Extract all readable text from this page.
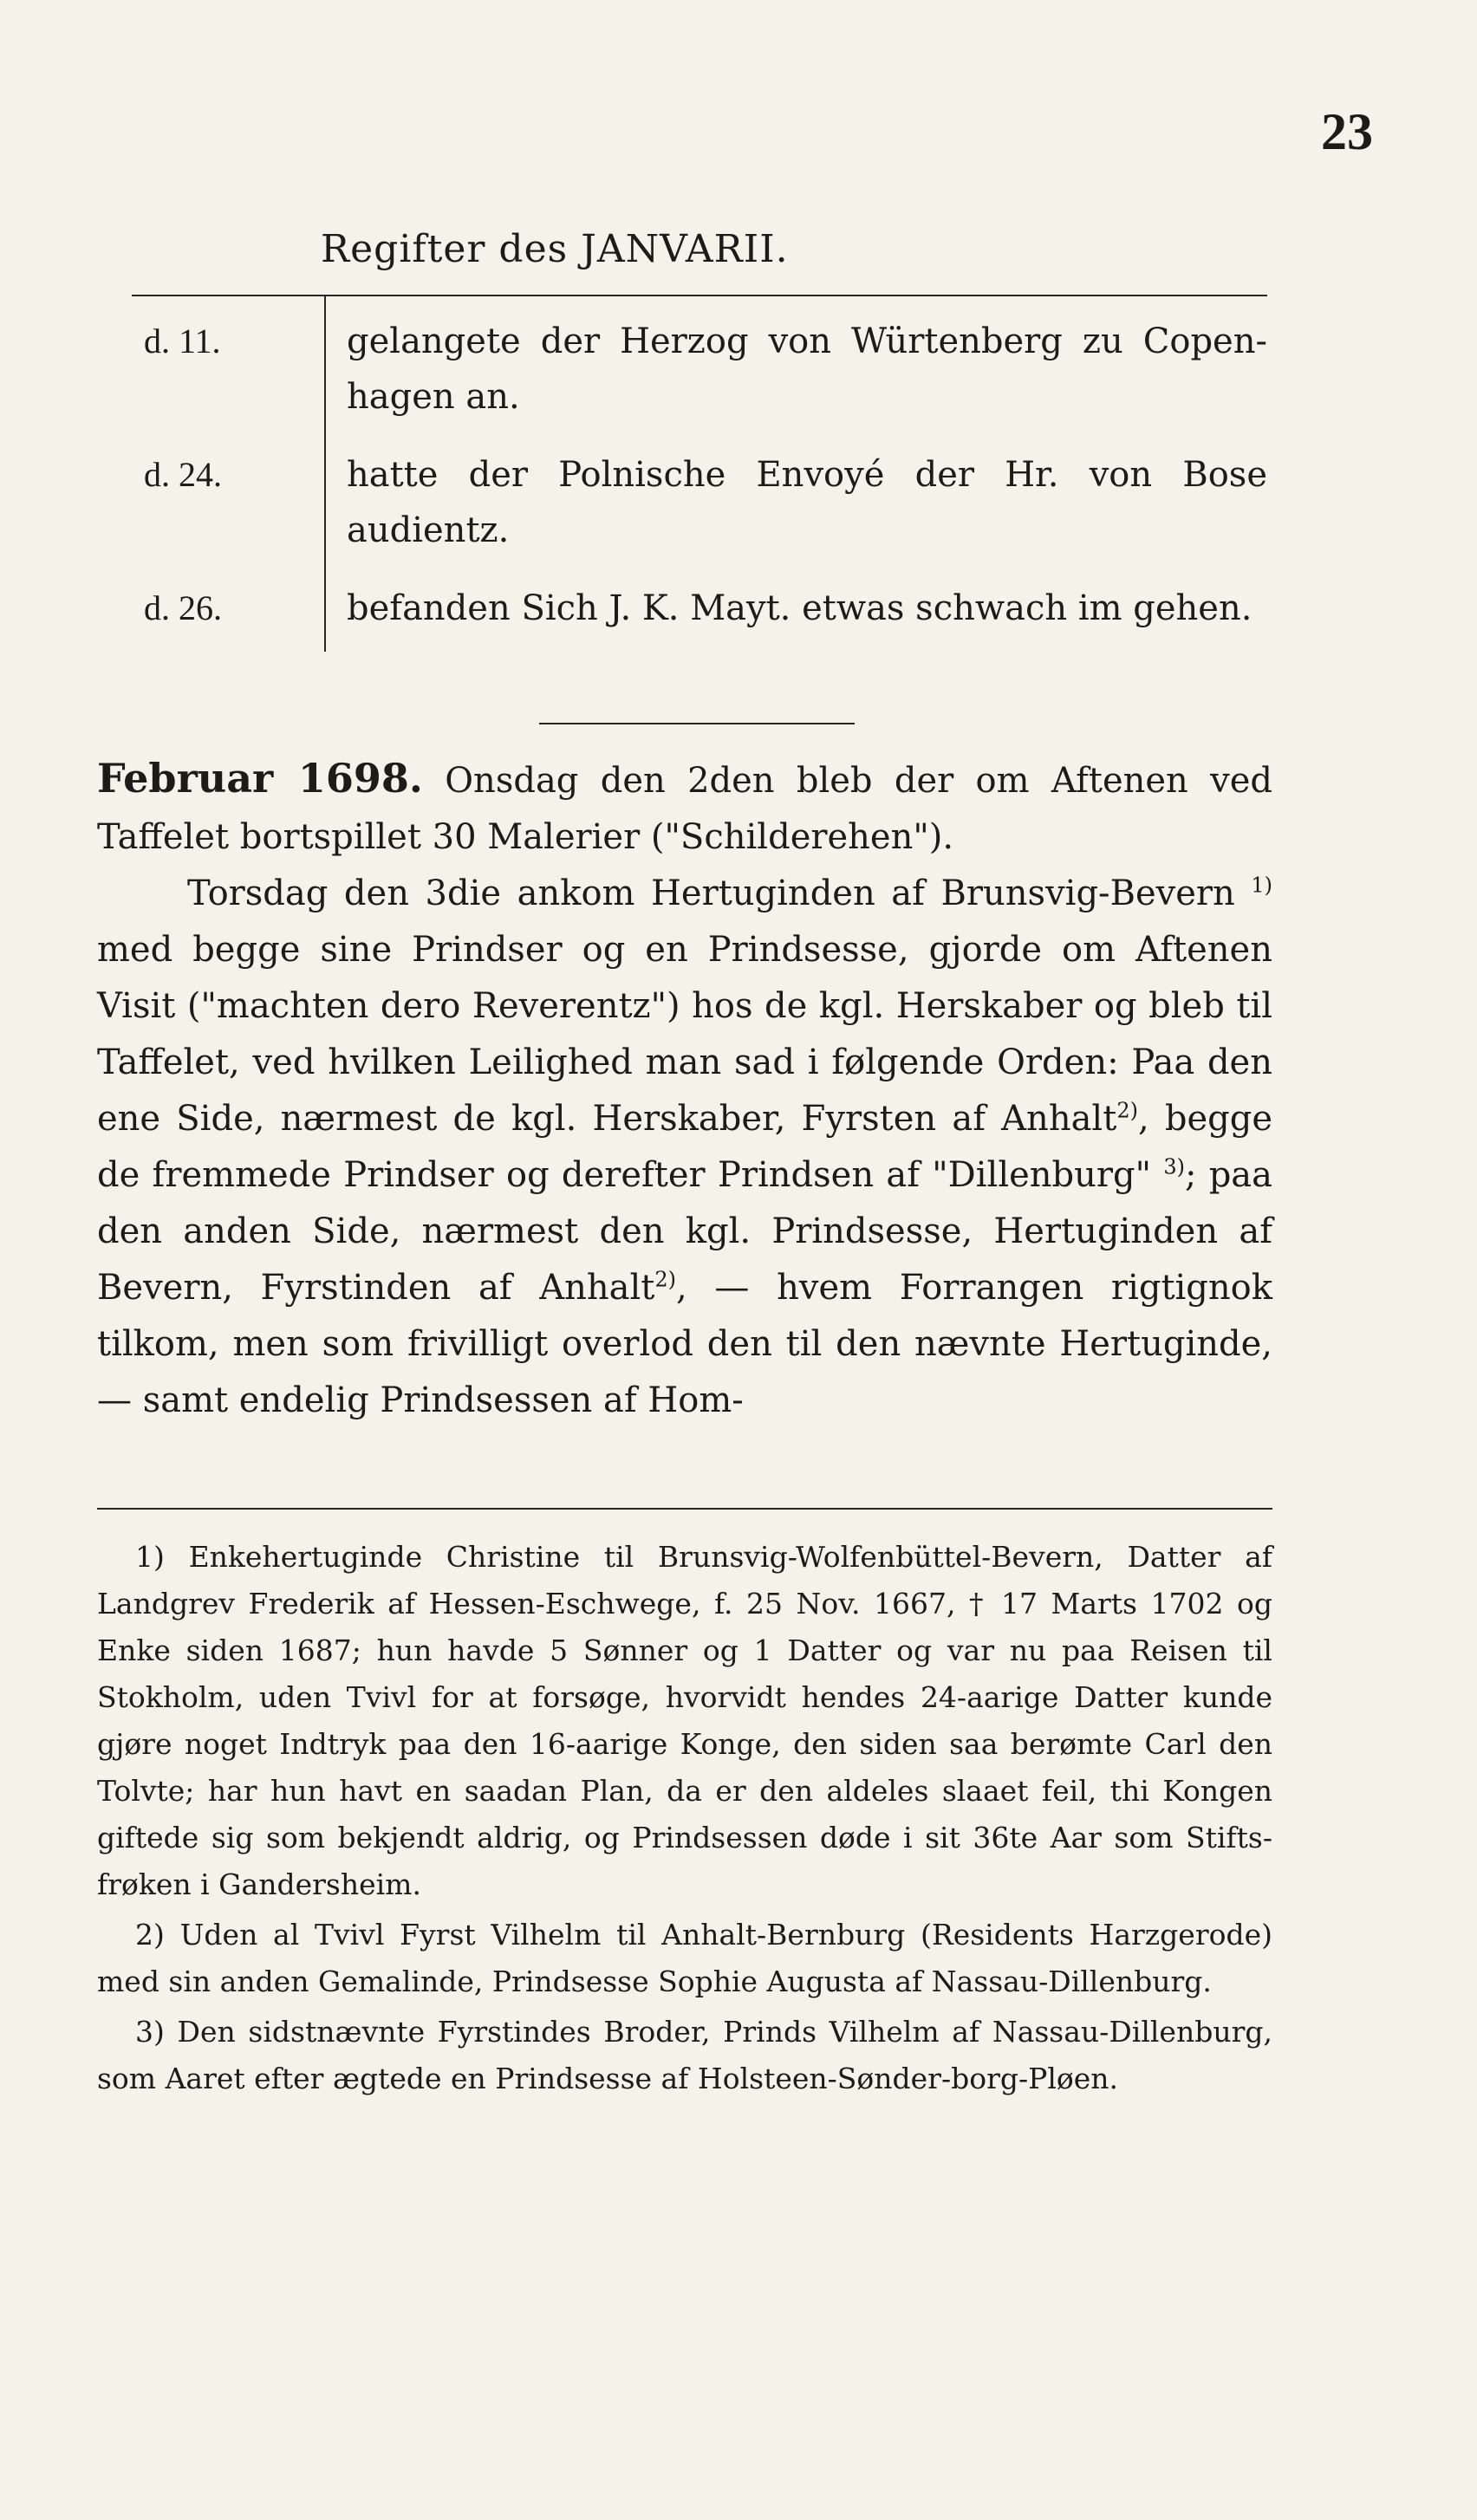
23
Regifter des JANVARII.
d. 11.	gelangete der Herzog von Würtenberg zu Copen-hagen an.
d. 24.	hatte der Polnische Envoyé der Hr. von Bose audientz.
d. 26.	befanden Sich J. K. Mayt. etwas schwach im gehen.

Februar 1698. Onsdag den 2den bleb der om Aftenen ved Taffelet bortspillet 30 Malerier ("Schilderehen").

Torsdag den 3die ankom Hertuginden af Brunsvig-Bevern $^{1)}$ med begge sine Prindser og en Prindsesse, gjorde om Aftenen Visit ("machten dero Reverentz") hos de kgl. Herskaber og bleb til Taffelet, ved hvilken Leilighed man sad i følgende Orden: Paa den ene Side, nærmest de kgl. Herskaber, Fyrsten af Anhalt$^{2)}$, begge de fremmede Prindser og derefter Prindsen af "Dillenburg" $^{3)}$; paa den anden Side, nærmest den kgl. Prindsesse, Hertuginden af Bevern, Fyrstinden af Anhalt$^{2)}$, — hvem Forrangen rigtignok tilkom, men som frivilligt overlod den til den nævnte Hertuginde, — samt endelig Prindsessen af Hom-

1) Enkehertuginde Christine til Brunsvig-Wolfenbüttel-Bevern, Datter af Landgrev Frederik af Hessen-Eschwege, f. 25 Nov. 1667, † 17 Marts 1702 og Enke siden 1687; hun havde 5 Sønner og 1 Datter og var nu paa Reisen til Stokholm, uden Tvivl for at forsøge, hvorvidt hendes 24-aarige Datter kunde gjøre noget Indtryk paa den 16-aarige Konge, den siden saa berømte Carl den Tolvte; har hun havt en saadan Plan, da er den aldeles slaaet feil, thi Kongen giftede sig som bekjendt aldrig, og Prindsessen døde i sit 36te Aar som Stifts-frøken i Gandersheim.

2) Uden al Tvivl Fyrst Vilhelm til Anhalt-Bernburg (Residents Harzgerode) med sin anden Gemalinde, Prindsesse Sophie Augusta af Nassau-Dillenburg.

3) Den sidstnævnte Fyrstindes Broder, Prinds Vilhelm af Nassau-Dillenburg, som Aaret efter ægtede en Prindsesse af Holsteen-Sønder-borg-Pløen.
